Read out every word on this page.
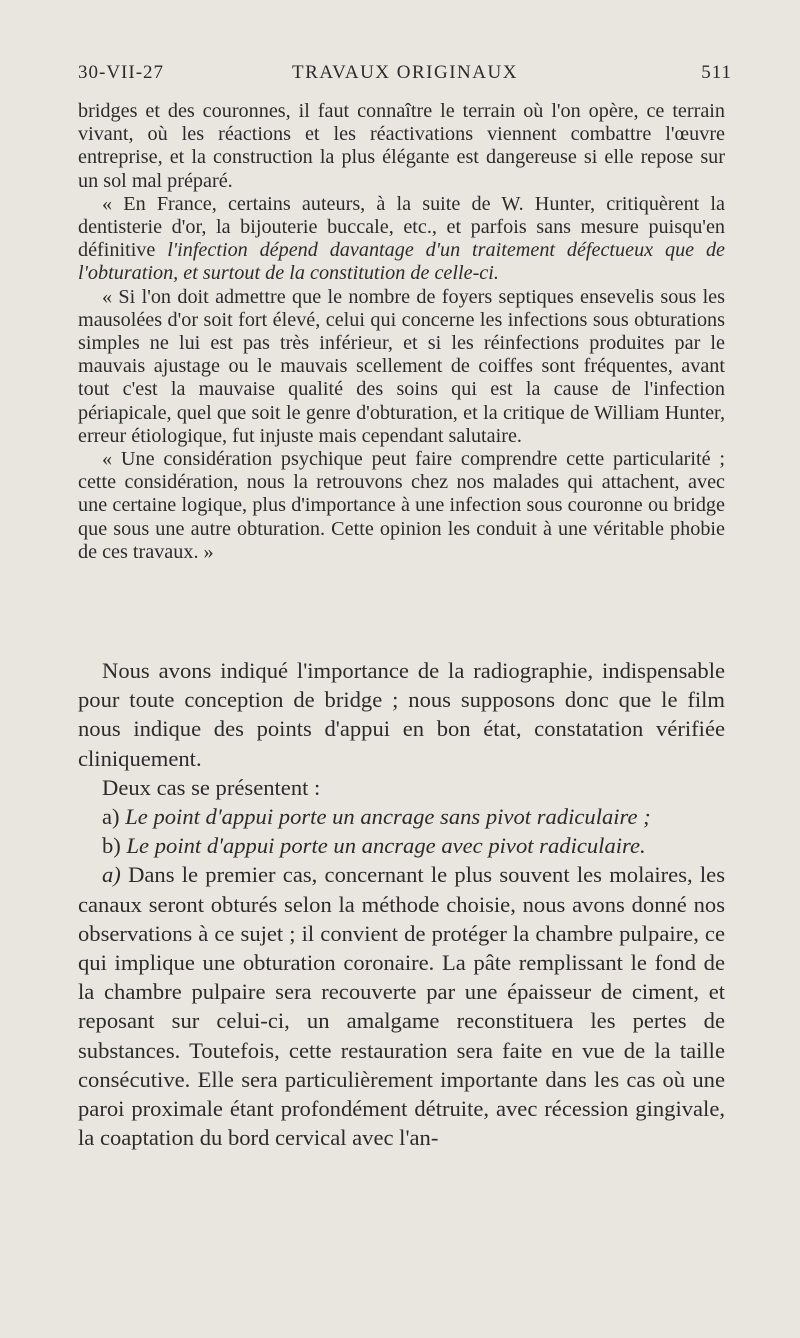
30-VII-27	TRAVAUX ORIGINAUX	511

bridges et des couronnes, il faut connaître le terrain où l'on opère, ce terrain vivant, où les réactions et les réactivations viennent combattre l'œuvre entreprise, et la construction la plus élégante est dangereuse si elle repose sur un sol mal préparé.

« En France, certains auteurs, à la suite de W. Hunter, critiquèrent la dentisterie d'or, la bijouterie buccale, etc., et parfois sans mesure puisqu'en définitive l'infection dépend davantage d'un traitement défectueux que de l'obturation, et surtout de la constitution de celle-ci.

« Si l'on doit admettre que le nombre de foyers septiques ensevelis sous les mausolées d'or soit fort élevé, celui qui concerne les infections sous obturations simples ne lui est pas très inférieur, et si les réinfections produites par le mauvais ajustage ou le mauvais scellement de coiffes sont fréquentes, avant tout c'est la mauvaise qualité des soins qui est la cause de l'infection périapicale, quel que soit le genre d'obturation, et la critique de William Hunter, erreur étiologique, fut injuste mais cependant salutaire.

« Une considération psychique peut faire comprendre cette particularité ; cette considération, nous la retrouvons chez nos malades qui attachent, avec une certaine logique, plus d'importance à une infection sous couronne ou bridge que sous une autre obturation. Cette opinion les conduit à une véritable phobie de ces travaux. »

Nous avons indiqué l'importance de la radiographie, indispensable pour toute conception de bridge ; nous supposons donc que le film nous indique des points d'appui en bon état, constatation vérifiée cliniquement.

Deux cas se présentent :

a) Le point d'appui porte un ancrage sans pivot radiculaire ;

b) Le point d'appui porte un ancrage avec pivot radiculaire.

a) Dans le premier cas, concernant le plus souvent les molaires, les canaux seront obturés selon la méthode choisie, nous avons donné nos observations à ce sujet ; il convient de protéger la chambre pulpaire, ce qui implique une obturation coronaire. La pâte remplissant le fond de la chambre pulpaire sera recouverte par une épaisseur de ciment, et reposant sur celui-ci, un amalgame reconstituera les pertes de substances. Toutefois, cette restauration sera faite en vue de la taille consécutive. Elle sera particulièrement importante dans les cas où une paroi proximale étant profondément détruite, avec récession gingivale, la coaptation du bord cervical avec l'an-
